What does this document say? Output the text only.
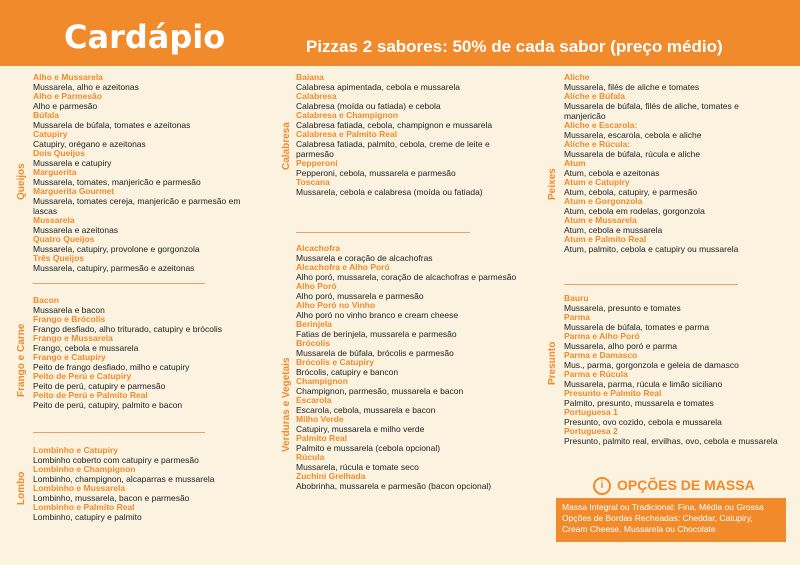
Cardápio	Pizzas 2 sabores: 50% de cada sabor (preço médio)
Alho e Mussarela
Mussarela, alho e azeitonas
Alho e Parmesão
Alho e parmesão
Búfala
Mussarela de búfala, tomates e azeitonas
Catupiry
Catupiry, orégano e azeitonas
Dois Queijos
Mussarela e catupiry
Marguerita
Mussarela, tomates, manjericão e parmesão
Marguerita Gourmet
Mussarela, tomates cereja, manjericão e parmesão em lascas
Mussarela
Mussarela e azeitonas
Quatro Queijos
Mussarela, catupiry, provolone e gorgonzola
Três Queijos
Mussarela, catupiry, parmesão e azeitonas
Queijos
Bacon
Mussarela e bacon
Frango e Brócolis
Frango desfiado, alho triturado, catupiry e brócolis
Frango e Mussarela
Frango, cebola e mussarela
Frango e Catupiry
Peito de frango desfiado, milho e catupiry
Peito de Perú e Catupiry
Peito de perú, catupiry e parmesão
Peito de Perú e Palmito Real
Peito de perú, catupiry, palmito e bacon
Frango e Carne
Lombinho e Catupiry
Lombinho coberto com catupiry e parmesão
Lombinho e Champignon
Lombinho, champignon, alcaparras e mussarela
Lombinho e Mussarela
Lombinho, mussarela, bacon e parmesão
Lombinho e Palmito Real
Lombinho, catupiry e palmito
Lombo
Baiana
Calabresa apimentada, cebola e mussarela
Calabresa
Calabresa (moída ou fatiada) e cebola
Calabresa e Champignon
Calabresa fatiada, cebola, champignon e mussarela
Calabresa e Palmito Real
Calabresa fatiada, palmito, cebola, creme de leite e parmesão
Pepperoni
Pepperoni, cebola, mussarela e parmesão
Toscana
Mussarela, cebola e calabresa (moída ou fatiada)
Calabresa
Alcachofra
Mussarela e coração de alcachofras
Alcachofra e Alho Poró
Alho poró, mussarela, coração de alcachofras e parmesão
Alho Poró
Alho poró, mussarela e parmesão
Alho Poró no Vinho
Alho poró no vinho branco e cream cheese
Berinjela
Fatias de berinjela, mussarela e parmesão
Brócolis
Mussarela de búfala, brócolis e parmesão
Brócolis e Catupiry
Brócolis, catupiry e bancon
Champignon
Champignon, parmesão, mussarela e bacon
Escarola
Escarola, cebola, mussarela e bacon
Milho Verde
Catupiry, mussarela e milho verde
Palmito Real
Palmito e mussarela (cebola opcional)
Rúcula
Mussarela, rúcula e tomate seco
Zuchini Grelhada
Abobrinha, mussarela e parmesão (bacon opcional)
Verduras e Vegetais
Aliche
Mussarela, filés de aliche e tomates
Aliche e Búfala
Mussarela de búfala, filés de aliche, tomates e manjericão
Aliche e Escarola:
Mussarela, escarola, cebola e aliche
Aliche e Rúcula:
Mussarela de búfala, rúcula e aliche
Atum
Atum, cebola e azeitonas
Atum e Catupiry
Atum, cebola, catupiry, e parmesão
Atum e Gorgonzola
Atum, cebola em rodelas, gorgonzola
Atum e Mussarela
Atum, cebola e mussarela
Atum e Palmito Real
Atum, palmito, cebola e catupiry ou mussarela
Peixes
Bauru
Mussarela, presunto e tomates
Parma
Mussarela de búfala, tomates e parma
Parma e Alho Poró
Mussarela, alho poró e parma
Parma e Damasco
Mus., parma, gorgonzola e geleia de damasco
Parma e Rúcula
Mussarela, parma, rúcula e limão siciliano
Presunto e Palmito Real
Palmito, presunto, mussarela e tomates
Portuguesa 1
Presunto, ovo cozido, cebola e mussarela
Portuguesa 2
Presunto, palmito real, ervilhas, ovo, cebola e mussarela
Presunto
i OPÇÕES DE MASSA
Massa Integral ou Tradicional: Fina, Média ou Grossa
Opções de Bordas Recheadas: Cheddar, Catupiry, Cream Cheese, Mussarela ou Chocolate
